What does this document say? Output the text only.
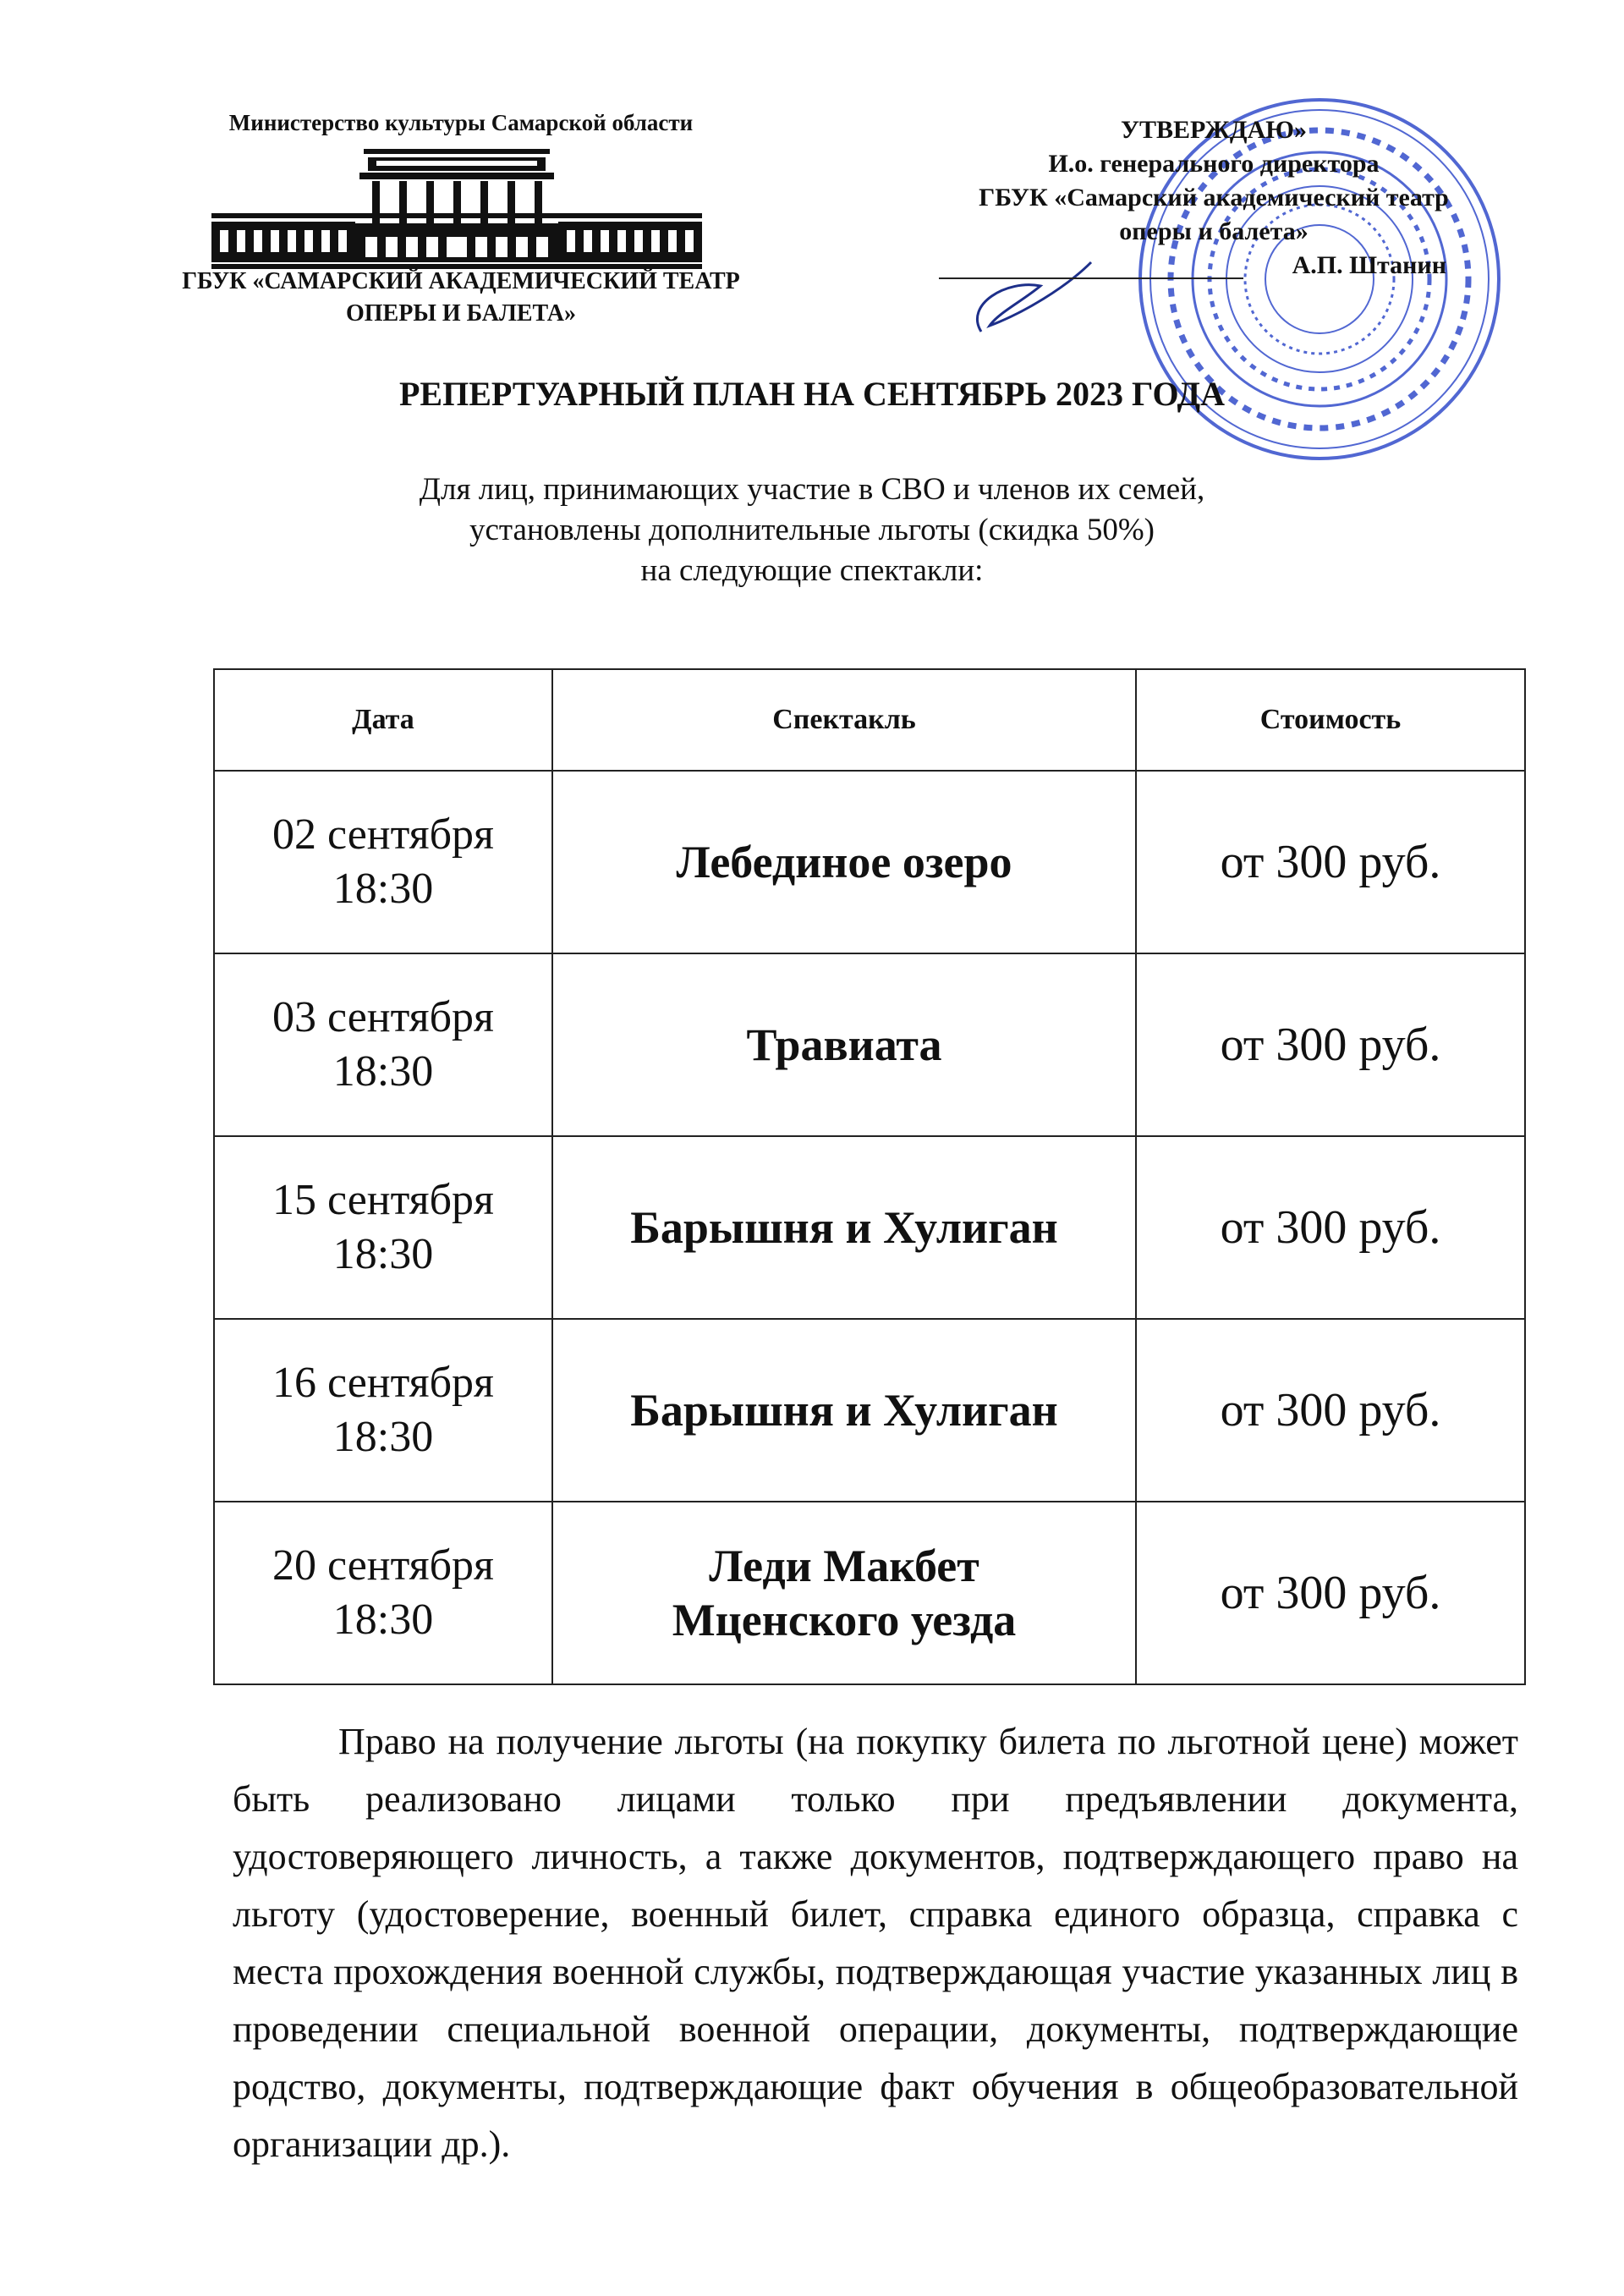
Министерство культуры Самарской области
ГБУК «САМАРСКИЙ АКАДЕМИЧЕСКИЙ ТЕАТР
ОПЕРЫ И БАЛЕТА»
УТВЕРЖДАЮ»
И.о. генерального директора
ГБУК «Самарский академический театр
оперы и балета»
А.П. Штанин
РЕПЕРТУАРНЫЙ ПЛАН НА СЕНТЯБРЬ 2023 ГОДА
Для лиц, принимающих участие в СВО и членов их семей,
установлены дополнительные льготы (скидка 50%)
на следующие спектакли:
Дата	Спектакль	Стоимость

02 сентября
18:30	Лебединое озеро	от 300 руб.

03 сентября
18:30	Травиата	от 300 руб.

15 сентября
18:30	Барышня и Хулиган	от 300 руб.

16 сентября
18:30	Барышня и Хулиган	от 300 руб.

20 сентября
18:30	Леди Макбет
Мценского уезда	от 300 руб.
Право на получение льготы (на покупку билета по льготной цене) может быть реализовано лицами только при предъявлении документа, удостоверяющего личность, а также документов, подтверждающего право на льготу (удостоверение, военный билет, справка единого образца, справка с места прохождения военной службы, подтверждающая участие указанных лиц в проведении специальной военной операции, документы, подтверждающие родство, документы, подтверждающие факт обучения в общеобразовательной организации др.).
